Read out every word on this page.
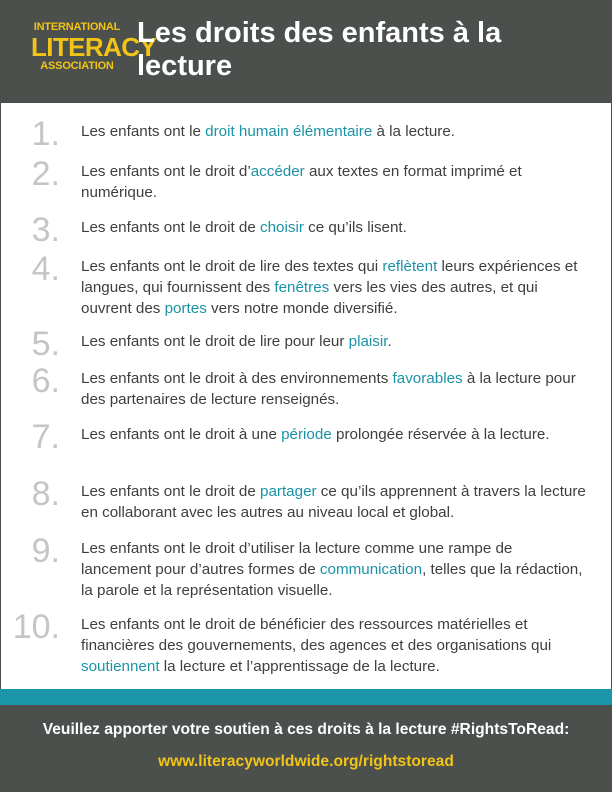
INTERNATIONAL
LITERACY
ASSOCIATION
Les droits des enfants à la
lecture
1. Les enfants ont le droit humain élémentaire à la lecture.
2. Les enfants ont le droit d’accéder aux textes en format imprimé et numérique.
3. Les enfants ont le droit de choisir ce qu’ils lisent.
4. Les enfants ont le droit de lire des textes qui reflètent leurs expériences et langues, qui fournissent des fenêtres vers les vies des autres, et qui ouvrent des portes vers notre monde diversifié.
5. Les enfants ont le droit de lire pour leur plaisir.
6. Les enfants ont le droit à des environnements favorables à la lecture pour des partenaires de lecture renseignés.
7. Les enfants ont le droit à une période prolongée réservée à la lecture.
8. Les enfants ont le droit de partager ce qu’ils apprennent à travers la lecture en collaborant avec les autres au niveau local et global.
9. Les enfants ont le droit d’utiliser la lecture comme une rampe de lancement pour d’autres formes de communication, telles que la rédaction, la parole et la représentation visuelle.
10. Les enfants ont le droit de bénéficier des ressources matérielles et financières des gouvernements, des agences et des organisations qui soutiennent la lecture et l’apprentissage de la lecture.
Veuillez apporter votre soutien à ces droits à la lecture #RightsToRead:
www.literacyworldwide.org/rightstoread
